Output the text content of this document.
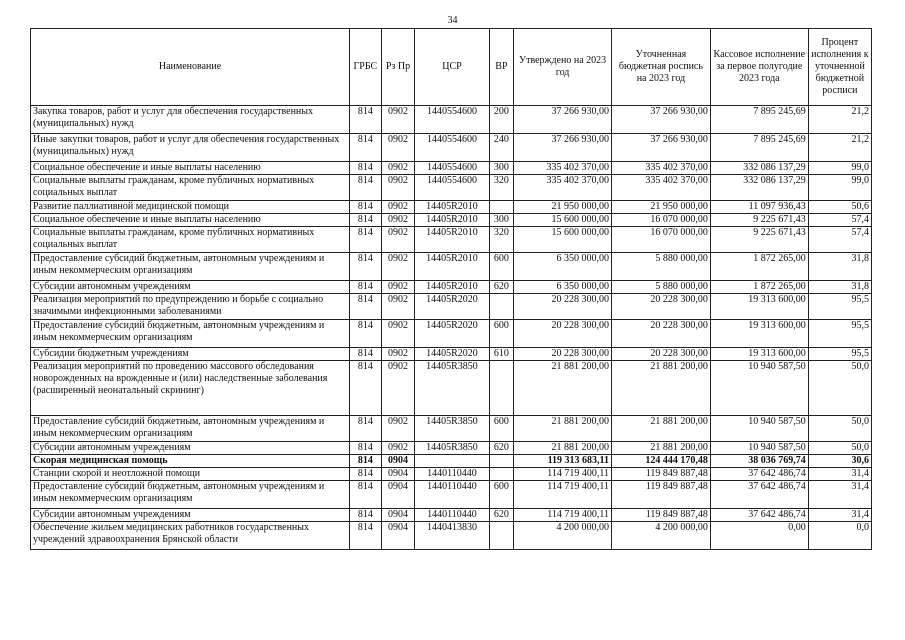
34
Наименование	ГРБС	Рз Пр	ЦСР	ВР	Утверждено на 2023 год	Уточненная бюджетная роспись на 2023 год	Кассовое исполнение за первое полугодие 2023 года	Процент исполнения к уточненной бюджетной росписи
Закупка товаров, работ и услуг для обеспечения государственных (муниципальных) нужд	814	0902	1440554600	200	37 266 930,00	37 266 930,00	7 895 245,69	21,2
Иные закупки товаров, работ и услуг для обеспечения государственных (муниципальных) нужд	814	0902	1440554600	240	37 266 930,00	37 266 930,00	7 895 245,69	21,2
Социальное обеспечение и иные выплаты населению	814	0902	1440554600	300	335 402 370,00	335 402 370,00	332 086 137,29	99,0
Социальные выплаты гражданам, кроме публичных нормативных социальных выплат	814	0902	1440554600	320	335 402 370,00	335 402 370,00	332 086 137,29	99,0
Развитие паллиативной медицинской помощи	814	0902	14405R2010		21 950 000,00	21 950 000,00	11 097 936,43	50,6
Социальное обеспечение и иные выплаты населению	814	0902	14405R2010	300	15 600 000,00	16 070 000,00	9 225 671,43	57,4
Социальные выплаты гражданам, кроме публичных нормативных социальных выплат	814	0902	14405R2010	320	15 600 000,00	16 070 000,00	9 225 671,43	57,4
Предоставление субсидий бюджетным, автономным учреждениям и иным некоммерческим организациям	814	0902	14405R2010	600	6 350 000,00	5 880 000,00	1 872 265,00	31,8
Субсидии автономным учреждениям	814	0902	14405R2010	620	6 350 000,00	5 880 000,00	1 872 265,00	31,8
Реализация мероприятий по предупреждению и борьбе с социально значимыми инфекционными заболеваниями	814	0902	14405R2020		20 228 300,00	20 228 300,00	19 313 600,00	95,5
Предоставление субсидий бюджетным, автономным учреждениям и иным некоммерческим организациям	814	0902	14405R2020	600	20 228 300,00	20 228 300,00	19 313 600,00	95,5
Субсидии бюджетным учреждениям	814	0902	14405R2020	610	20 228 300,00	20 228 300,00	19 313 600,00	95,5
Реализация мероприятий по проведению массового обследования новорожденных на врожденные и (или) наследственные заболевания (расширенный неонатальный скрининг)	814	0902	14405R3850		21 881 200,00	21 881 200,00	10 940 587,50	50,0
Предоставление субсидий бюджетным, автономным учреждениям и иным некоммерческим организациям	814	0902	14405R3850	600	21 881 200,00	21 881 200,00	10 940 587,50	50,0
Субсидии автономным учреждениям	814	0902	14405R3850	620	21 881 200,00	21 881 200,00	10 940 587,50	50,0
Скорая медицинская помощь	814	0904			119 313 683,11	124 444 170,48	38 036 769,74	30,6
Станции скорой и неотложной помощи	814	0904	1440110440		114 719 400,11	119 849 887,48	37 642 486,74	31,4
Предоставление субсидий бюджетным, автономным учреждениям и иным некоммерческим организациям	814	0904	1440110440	600	114 719 400,11	119 849 887,48	37 642 486,74	31,4
Субсидии автономным учреждениям	814	0904	1440110440	620	114 719 400,11	119 849 887,48	37 642 486,74	31,4
Обеспечение жильем медицинских работников государственных учреждений здравоохранения Брянской области	814	0904	1440413830		4 200 000,00	4 200 000,00	0,00	0,0
